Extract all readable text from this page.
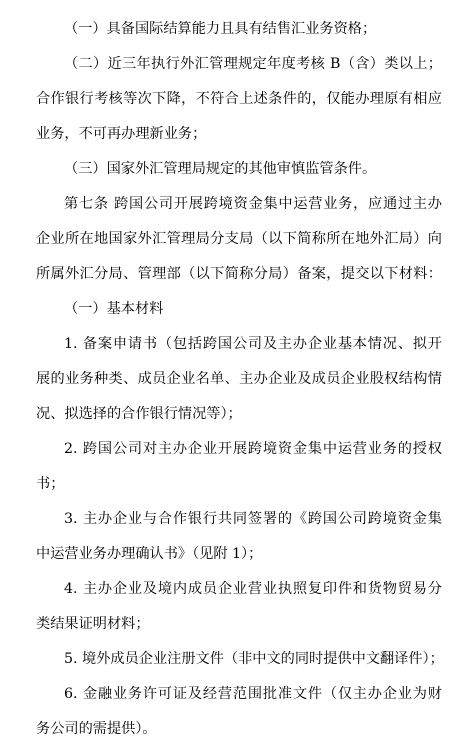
（一）具备国际结算能力且具有结售汇业务资格；
（二）近三年执行外汇管理规定年度考核 B（含）类以上；
合作银行考核等次下降，不符合上述条件的，仅能办理原有相应
业务，不可再办理新业务；
（三）国家外汇管理局规定的其他审慎监管条件。
第七条 跨国公司开展跨境资金集中运营业务，应通过主办
企业所在地国家外汇管理局分支局（以下简称所在地外汇局）向
所属外汇分局、管理部（以下简称分局）备案，提交以下材料：
（一）基本材料
1. 备案申请书（包括跨国公司及主办企业基本情况、拟开
展的业务种类、成员企业名单、主办企业及成员企业股权结构情
况、拟选择的合作银行情况等）；
2. 跨国公司对主办企业开展跨境资金集中运营业务的授权
书；
3. 主办企业与合作银行共同签署的《跨国公司跨境资金集
中运营业务办理确认书》（见附 1）；
4. 主办企业及境内成员企业营业执照复印件和货物贸易分
类结果证明材料；
5. 境外成员企业注册文件（非中文的同时提供中文翻译件）；
6. 金融业务许可证及经营范围批准文件（仅主办企业为财
务公司的需提供）。
